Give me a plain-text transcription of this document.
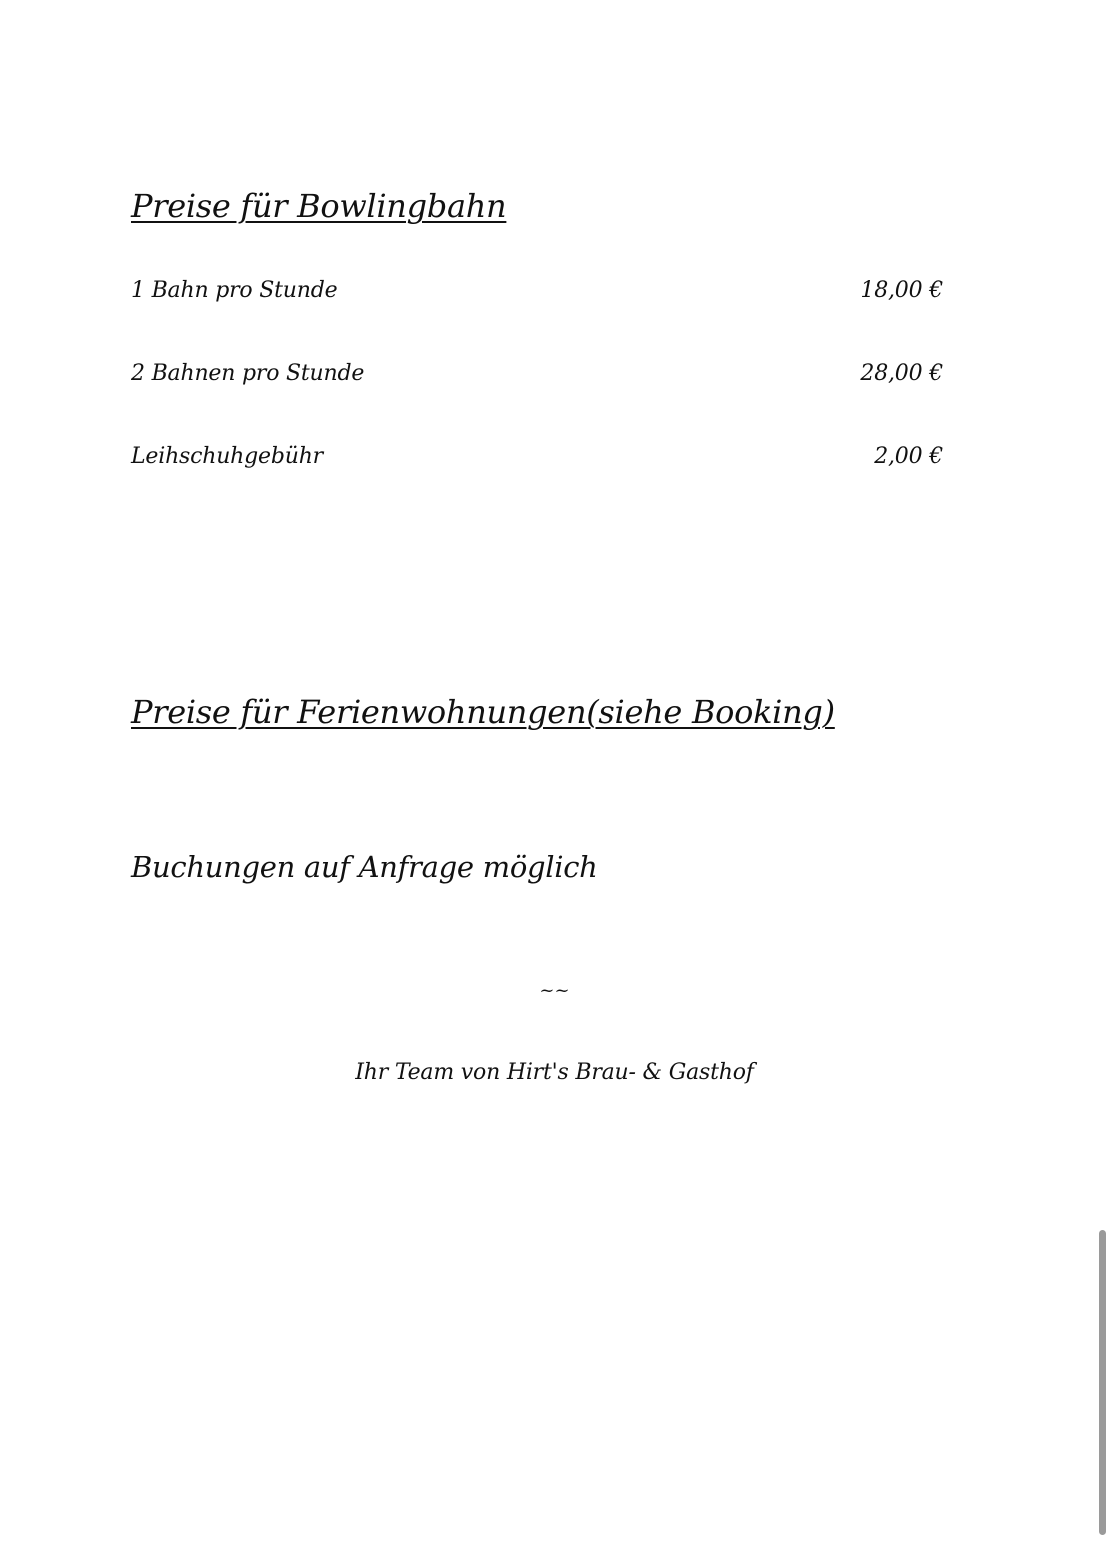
Preise für Bowlingbahn
1 Bahn pro Stunde	18,00 €
2 Bahnen pro Stunde	28,00 €
Leihschuhgebühr	2,00 €
Preise für Ferienwohnungen(siehe Booking)
Buchungen auf Anfrage möglich
~~
Ihr Team von Hirt's Brau- & Gasthof
